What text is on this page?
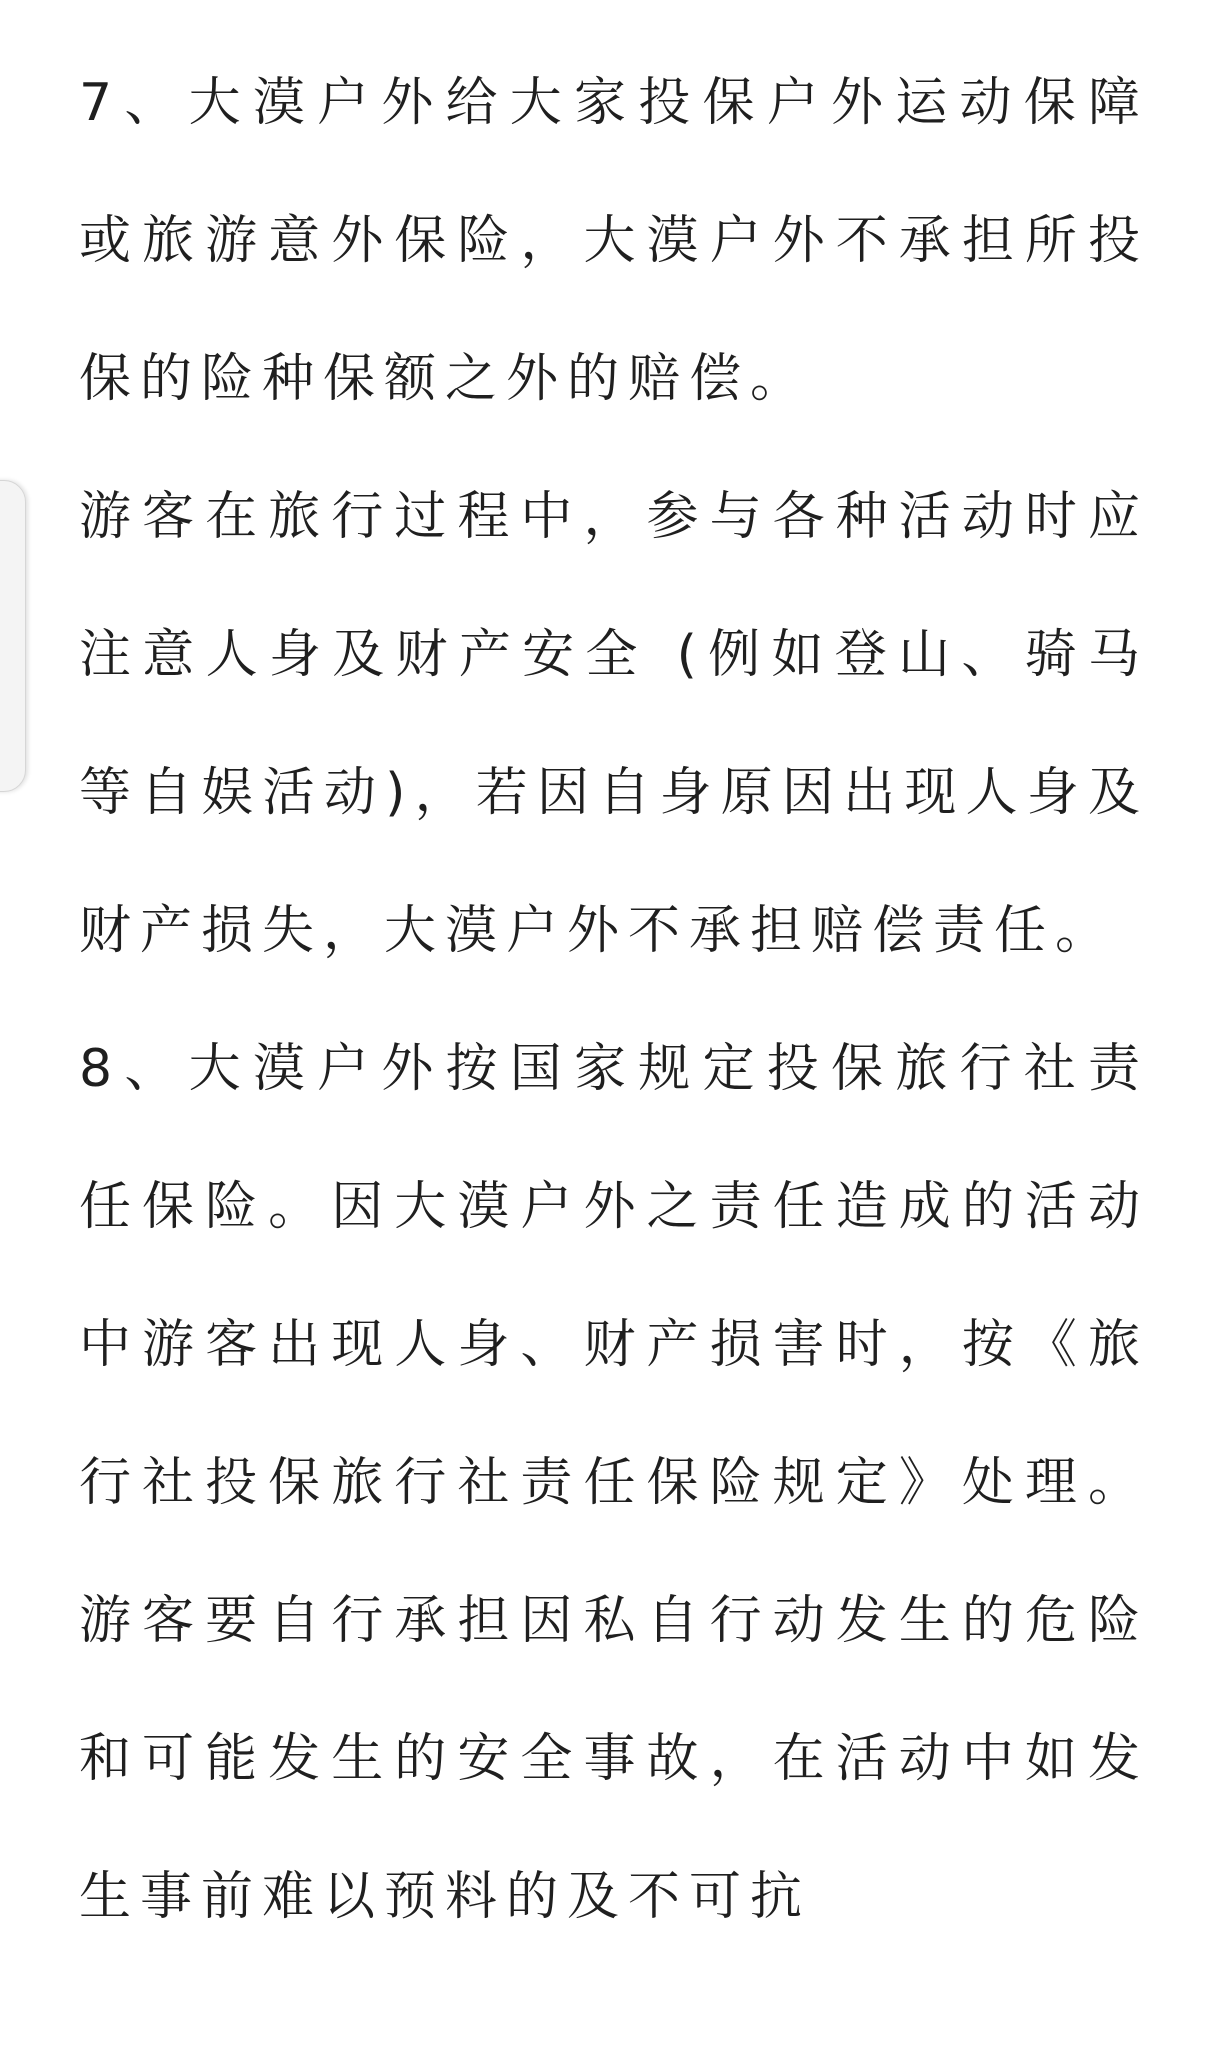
7、大漠户外给大家投保户外运动保障或旅游意外保险，大漠户外不承担所投保的险种保额之外的赔偿。

游客在旅行过程中，参与各种活动时应注意人身及财产安全 (例如登山、骑马等自娱活动)，若因自身原因出现人身及财产损失，大漠户外不承担赔偿责任。

8、大漠户外按国家规定投保旅行社责任保险。因大漠户外之责任造成的活动中游客出现人身、财产损害时，按《旅行社投保旅行社责任保险规定》处理。游客要自行承担因私自行动发生的危险和可能发生的安全事故，在活动中如发生事前难以预料的及不可抗
